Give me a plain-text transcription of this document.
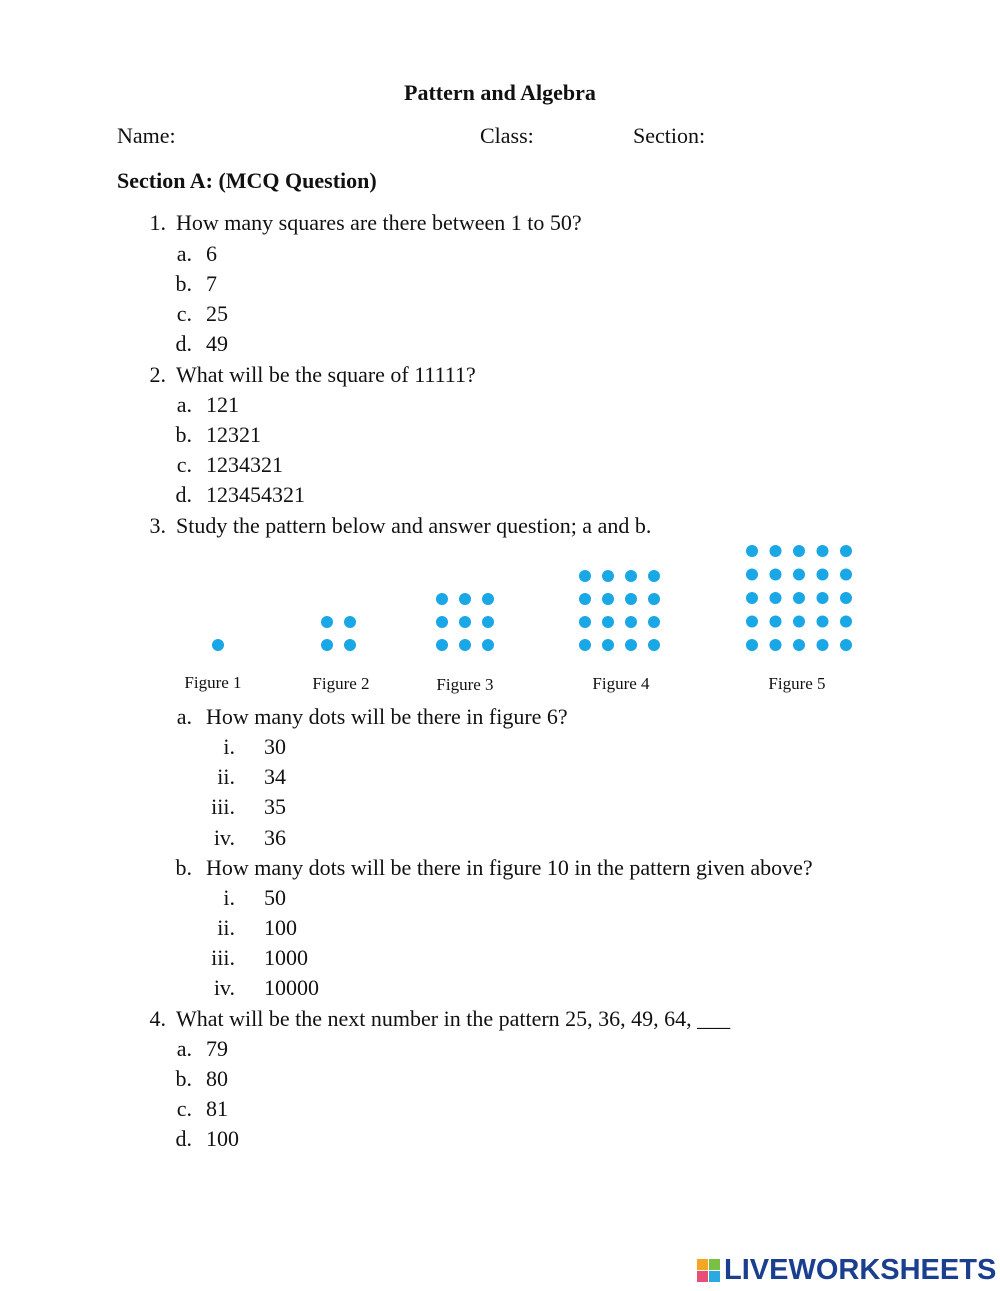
Pattern and Algebra
Name:	Class:	Section:
Section A: (MCQ Question)
1. How many squares are there between 1 to 50?
a. 6
b. 7
c. 25
d. 49
2. What will be the square of 11111?
a. 121
b. 12321
c. 1234321
d. 123454321
3. Study the pattern below and answer question; a and b.
Figure 1	Figure 2	Figure 3	Figure 4	Figure 5
a. How many dots will be there in figure 6?
i. 30
ii. 34
iii. 35
iv. 36
b. How many dots will be there in figure 10 in the pattern given above?
i. 50
ii. 100
iii. 1000
iv. 10000
4. What will be the next number in the pattern 25, 36, 49, 64, ___
a. 79
b. 80
c. 81
d. 100
LIVEWORKSHEETS
